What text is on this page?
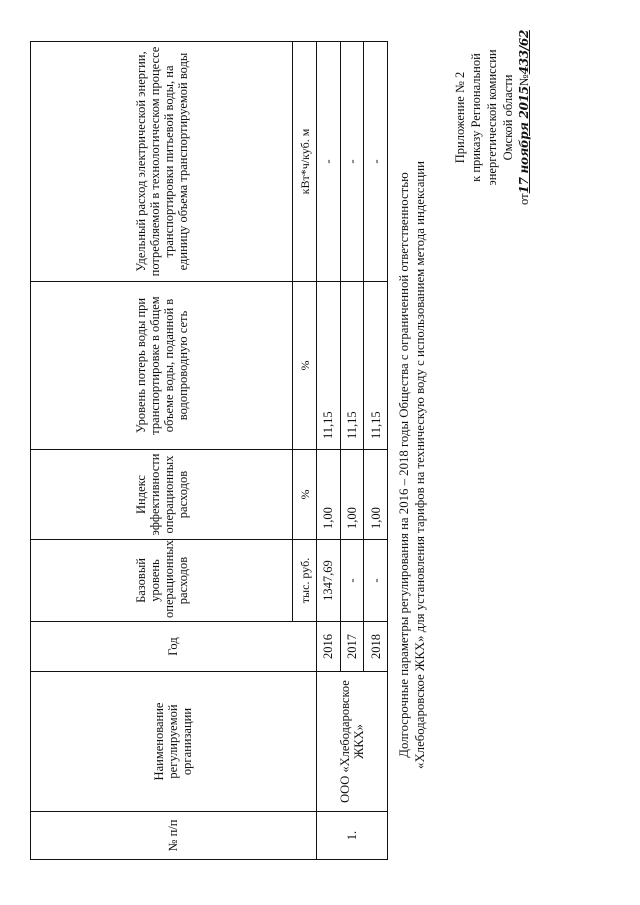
Приложение № 2 к приказу Региональной энергетической комиссии Омской области
от17 ноября 2015№433/62
Долгосрочные параметры регулирования на 2016 – 2018 годы Общества с ограниченной ответственностью «Хлебодаровское ЖКХ» для установления тарифов на техническую воду с использованием метода индексации
№ п/п	Наименование регулируемой организации	Год	Базовый уровень операционных расходов	Индекс эффективности операционных расходов	Уровень потерь воды при транспортировке в общем объеме воды, поданной в водопроводную сеть	Удельный расход электрической энергии, потребляемой в технологическом процессе транспортировки питьевой воды, на единицу объема транспортируемой воды
			тыс. руб.	%	%	кВт*ч/куб. м
1.	ООО «Хлебодаровское ЖКХ»	2016	1347,69	1,00	11,15	-
		2017	-	1,00	11,15	-
		2018	-	1,00	11,15	-
